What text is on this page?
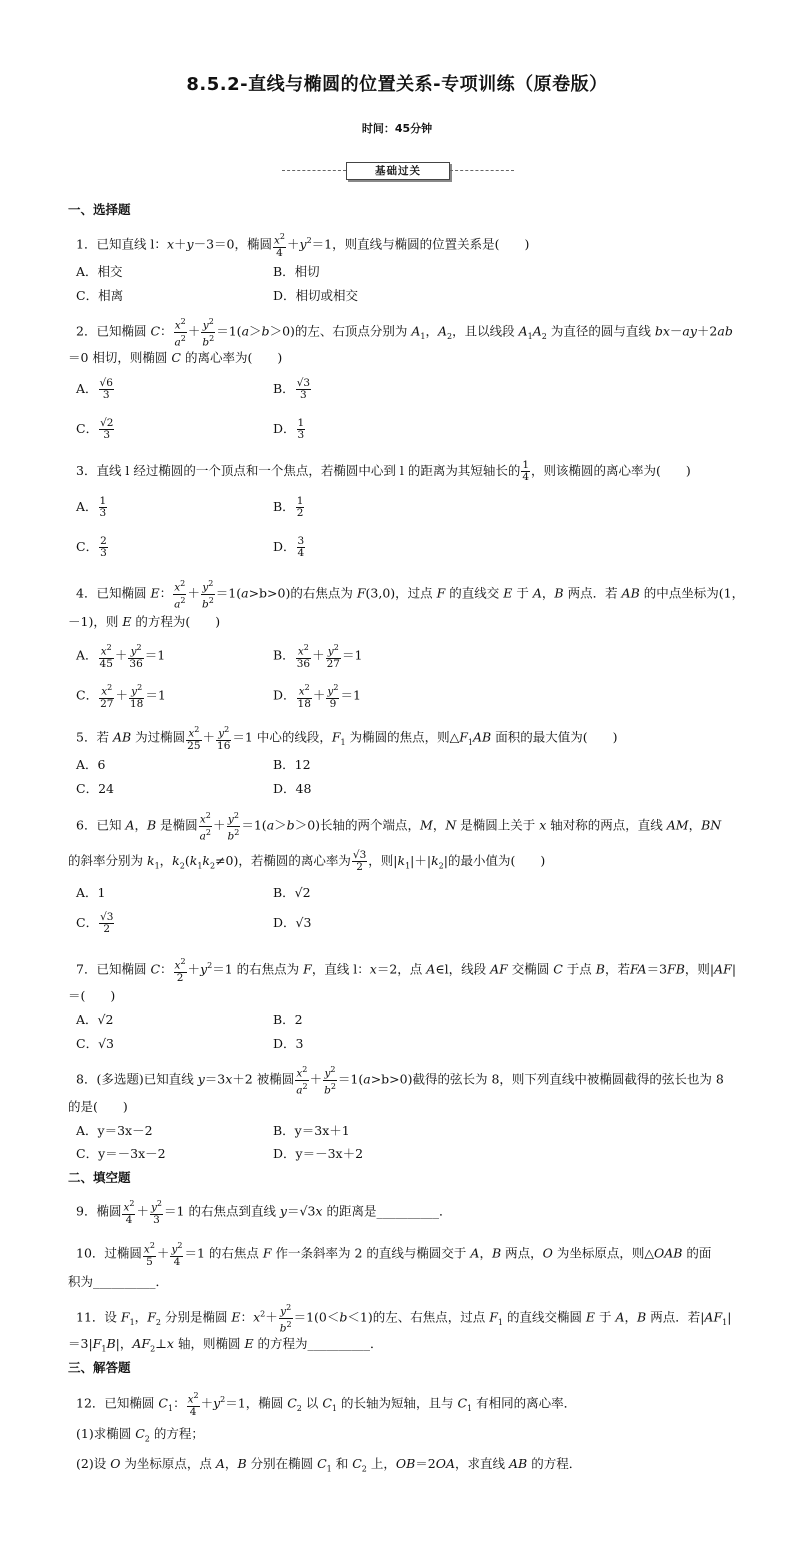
8.5.2-直线与椭圆的位置关系-专项训练（原卷版）
时间：45分钟
基础过关
一、选择题
1．已知直线 l：x＋y－3＝0，椭圆 $\frac{x^2}{4} +y^2=1$，则直线与椭圆的位置关系是(　　)
A．相交	B．相切
C．相离	D．相切或相交
2．已知椭圆 C： $\frac{x^2}{a^2} + \frac{y^2}{b^2} =1(a>b>0)$的左、右顶点分别为 $A_1$，$A_2$，且以线段 $A_1A_2$ 为直径的圆与直线 bx－ay＋2ab
＝0 相切，则椭圆 C 的离心率为(　　)
A． $\frac{√6}{3}$	B． $\frac{√3}{3}$
C． $\frac{√2}{3}$	D． $\frac{1}{3}$
3．直线 l 经过椭圆的一个顶点和一个焦点，若椭圆中心到 l 的距离为其短轴长的 $\frac{1}{4}$ ，则该椭圆的离心率为(　　)
A． $\frac{1}{3}$	B． $\frac{1}{2}$
C． $\frac{2}{3}$	D． $\frac{3}{4}$
4．已知椭圆 E： $\frac{x^2}{a^2} + \frac{y^2}{b^2} =1(a>b>0)$的右焦点为 F(3,0)，过点 F 的直线交 E 于 A，B 两点．若 AB 的中点坐标为(1，
－1)，则 E 的方程为(　　)
A． $\frac{x^2}{45} + \frac{y^2}{36} =1$	B． $\frac{x^2}{36} + \frac{y^2}{27} =1$
C． $\frac{x^2}{27} + \frac{y^2}{18} =1$	D． $\frac{x^2}{18} + \frac{y^2}{9} =1$
5．若 AB 为过椭圆 $\frac{x^2}{25} + \frac{y^2}{16} =1$ 中心的线段，$F_1$ 为椭圆的焦点，则$\triangle F_1AB$ 面积的最大值为(　　)
A．6	B．12
C．24	D．48
6．已知 A，B 是椭圆 $\frac{x^2}{a^2} + \frac{y^2}{b^2} =1(a>b>0)$长轴的两个端点，M，N 是椭圆上关于 x 轴对称的两点，直线 AM，BN
的斜率分别为 $k_1$，$k_2(k_1k_2\ne 0)$，若椭圆的离心率为 $\frac{√3}{2}$ ，则$|k_1|+|k_2|$的最小值为(　　)
A．1	B．√2
C． $\frac{√3}{2}$	D．√3
7．已知椭圆 C： $\frac{x^2}{2} +y^2=1$ 的右焦点为 F，直线 l：x＝2，点 A∈l，线段 AF 交椭圆 C 于点 B，若FA＝3FB，则|AF|
＝(　　)
A．√2	B．2
C．√3	D．3
8．(多选题)已知直线 y＝3x＋2 被椭圆 $\frac{x^2}{a^2} + \frac{y^2}{b^2} =1(a>b>0)$截得的弦长为 8，则下列直线中被椭圆截得的弦长也为 8
的是(　　)
A．y＝3x－2	B．y＝3x＋1
C．y＝－3x－2	D．y＝－3x＋2
二、填空题
9．椭圆 $\frac{x^2}{4} + \frac{y^2}{3} =1$ 的右焦点到直线 y＝√3x 的距离是__________．
10．过椭圆 $\frac{x^2}{5} + \frac{y^2}{4} =1$ 的右焦点 F 作一条斜率为 2 的直线与椭圆交于 A，B 两点，O 为坐标原点，则△OAB 的面
积为__________．
11．设 $F_1$，$F_2$ 分别是椭圆 E：$x^2+ \frac{y^2}{b^2} =1(0<b<1)$的左、右焦点，过点 $F_1$ 的直线交椭圆 E 于 A，B 两点．若$|AF_1|$
$=3|F_1B|$，$AF_2\perp x$ 轴，则椭圆 E 的方程为__________．
三、解答题
12．已知椭圆 $C_1$： $\frac{x^2}{4} +y^2=1$，椭圆 $C_2$ 以 $C_1$ 的长轴为短轴，且与 $C_1$ 有相同的离心率．
(1)求椭圆 $C_2$ 的方程；
(2)设 O 为坐标原点，点 A，B 分别在椭圆 $C_1$ 和 $C_2$ 上，OB＝2OA，求直线 AB 的方程．
